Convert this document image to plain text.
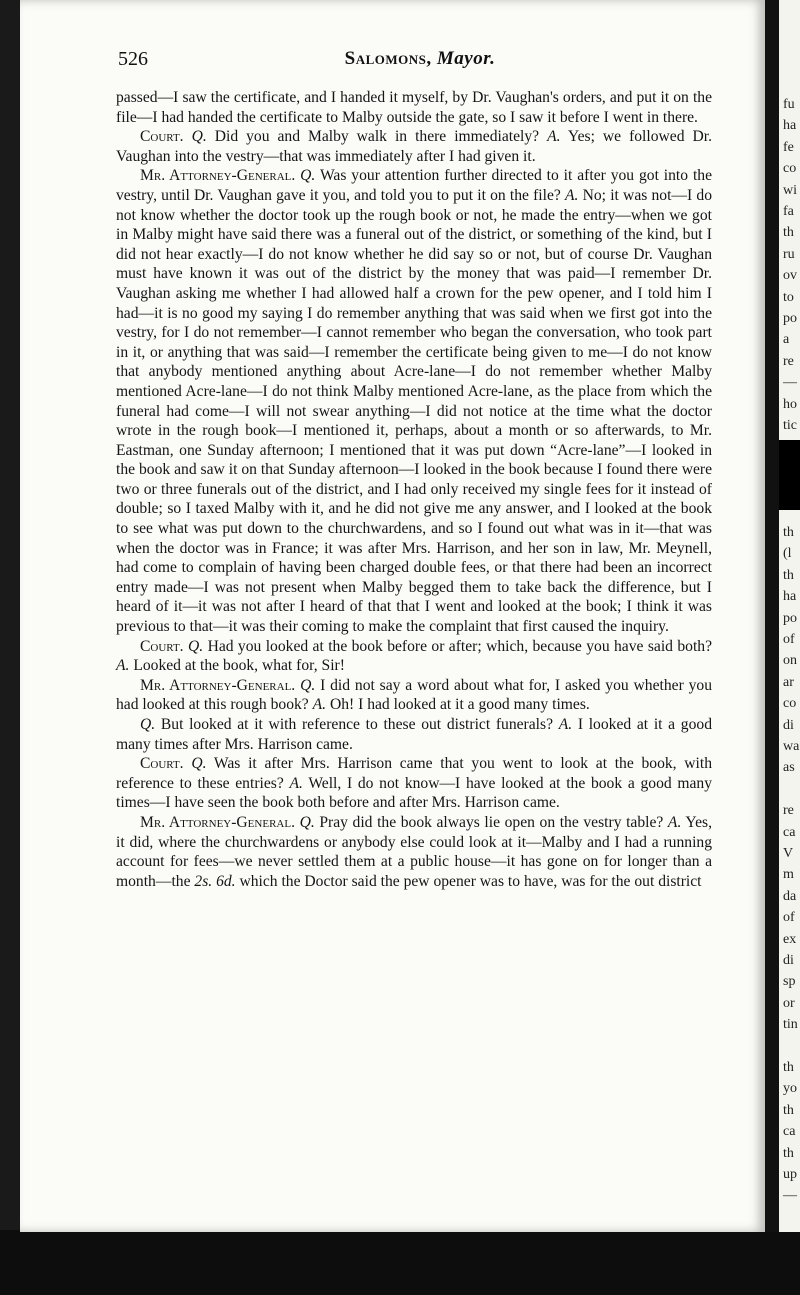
526	Salomons, Mayor.

passed—I saw the certificate, and I handed it myself, by Dr. Vaughan's orders, and put it on the file—I had handed the certificate to Malby outside the gate, so I saw it before I went in there.

Court. Q. Did you and Malby walk in there immediately? A. Yes; we followed Dr. Vaughan into the vestry—that was immediately after I had given it.

Mr. Attorney-General. Q. Was your attention further directed to it after you got into the vestry, until Dr. Vaughan gave it you, and told you to put it on the file? A. No; it was not—I do not know whether the doctor took up the rough book or not, he made the entry—when we got in Malby might have said there was a funeral out of the district, or something of the kind, but I did not hear exactly—I do not know whether he did say so or not, but of course Dr. Vaughan must have known it was out of the district by the money that was paid—I remember Dr. Vaughan asking me whether I had allowed half a crown for the pew opener, and I told him I had—it is no good my saying I do remember anything that was said when we first got into the vestry, for I do not remember—I cannot remember who began the conversation, who took part in it, or anything that was said—I remember the certificate being given to me—I do not know that anybody mentioned anything about Acre-lane—I do not remember whether Malby mentioned Acre-lane—I do not think Malby mentioned Acre-lane, as the place from which the funeral had come—I will not swear anything—I did not notice at the time what the doctor wrote in the rough book—I mentioned it, perhaps, about a month or so afterwards, to Mr. Eastman, one Sunday afternoon; I mentioned that it was put down “Acre-lane”—I looked in the book and saw it on that Sunday afternoon—I looked in the book because I found there were two or three funerals out of the district, and I had only received my single fees for it instead of double; so I taxed Malby with it, and he did not give me any answer, and I looked at the book to see what was put down to the churchwardens, and so I found out what was in it—that was when the doctor was in France; it was after Mrs. Harrison, and her son in law, Mr. Meynell, had come to complain of having been charged double fees, or that there had been an incorrect entry made—I was not present when Malby begged them to take back the difference, but I heard of it—it was not after I heard of that that I went and looked at the book; I think it was previous to that—it was their coming to make the complaint that first caused the inquiry.

Court. Q. Had you looked at the book before or after; which, because you have said both? A. Looked at the book, what for, Sir!

Mr. Attorney-General. Q. I did not say a word about what for, I asked you whether you had looked at this rough book? A. Oh! I had looked at it a good many times.

Q. But looked at it with reference to these out district funerals? A. I looked at it a good many times after Mrs. Harrison came.

Court. Q. Was it after Mrs. Harrison came that you went to look at the book, with reference to these entries? A. Well, I do not know—I have looked at the book a good many times—I have seen the book both before and after Mrs. Harrison came.

Mr. Attorney-General. Q. Pray did the book always lie open on the vestry table? A. Yes, it did, where the churchwardens or anybody else could look at it—Malby and I had a running account for fees—we never settled them at a public house—it has gone on for longer than a month—the 2s. 6d. which the Doctor said the pew opener was to have, was for the out district

fu
ha
fe
co
wi
fa
th
ru
ov
to
po
a
re
—
ho
tic
th
(l
th
ha
po
of
on
ar
co
di
wa
as
re
ca
V
m
da
of
ex
di
sp
or
tin
th
yo
th
ca
th
up
—
